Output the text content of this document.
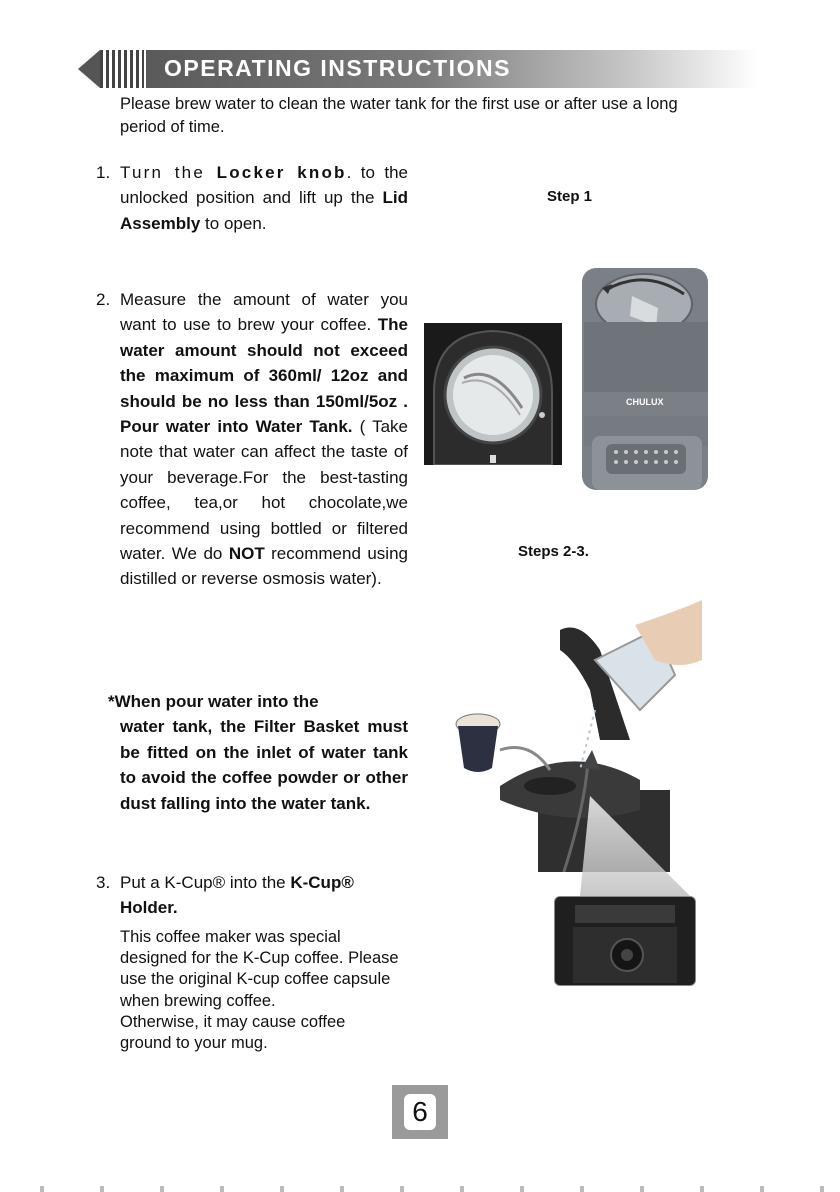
OPERATING INSTRUCTIONS
Please brew water to clean the water tank for the first use or after use a long period of time.
1. Turn the Locker knob. to the unlocked position and lift up the Lid Assembly to open.
2. Measure the amount of water you want to use to brew your coffee. The water amount should not exceed the maximum of 360ml/ 12oz and should be no less than 150ml/5oz . Pour water into Water Tank. ( Take note that water can affect the taste of your beverage.For the best-tasting coffee, tea,or hot chocolate,we recommend using bottled or filtered water. We do NOT recommend using distilled or reverse osmosis water).
*When pour water into the
water tank, the Filter Basket must be fitted on the inlet of water tank to avoid the coffee powder or other dust falling into the water tank.
3. Put a K-Cup® into the K-Cup® Holder.
This coffee maker was special designed for the K-Cup coffee. Please use the original K-cup coffee capsule when brewing coffee.
Otherwise, it may cause coffee ground to your mug.
Step 1
Steps 2-3.
CHULUX
6
